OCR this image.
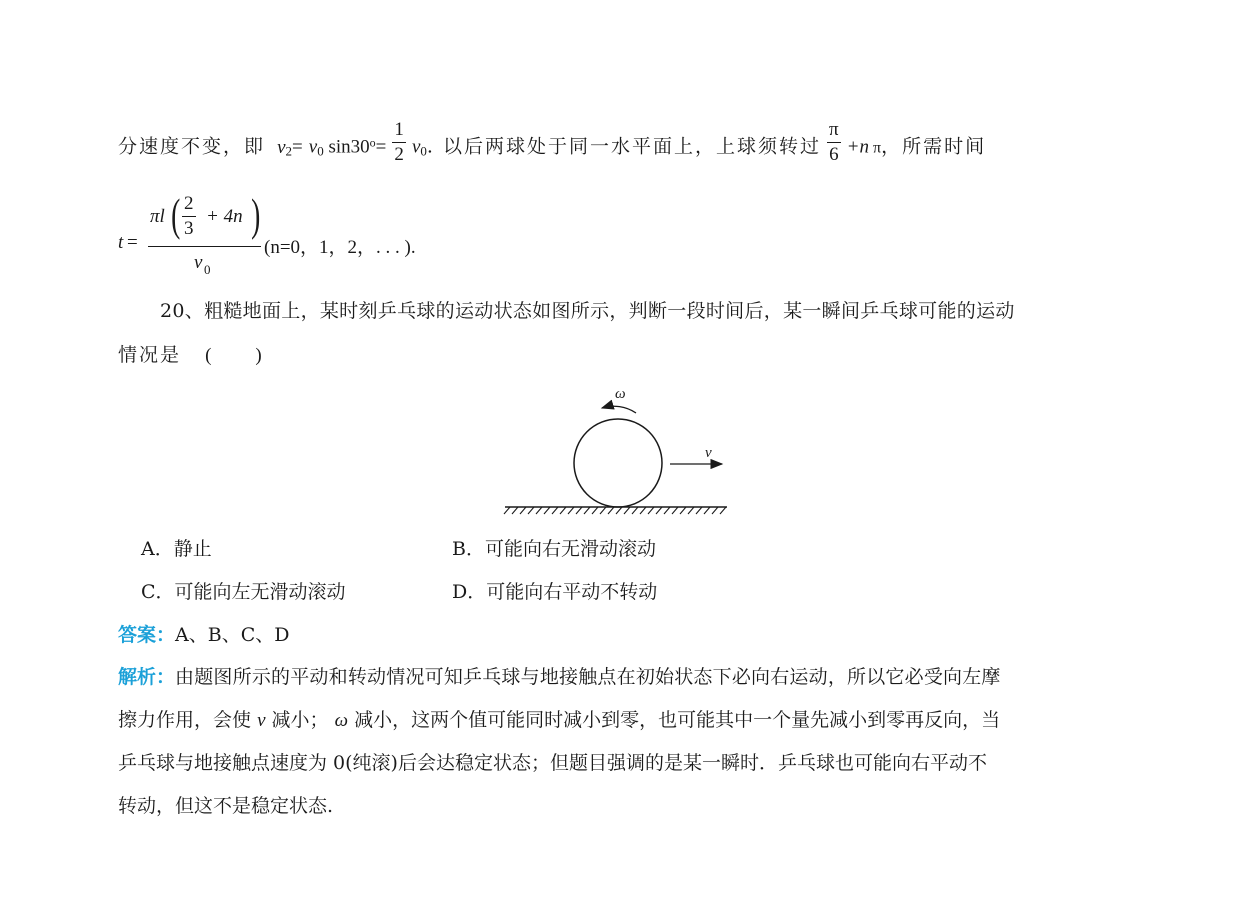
分速度不变，即 $v_2= v_0$ $\sin 30^o= \frac{1}{2} v_0$. 以后两球处于同一水平面上，上球须转过 $\frac{\pi}{6} +n$ π，所需时间
t =
πl ( $\frac{2}{3} + 4n$ )
v 0
(n=0，1，2，. . . ).
20、粗糙地面上，某时刻乒乓球的运动状态如图所示，判断一段时间后，某一瞬间乒乓球可能的运动
情况是 ( )
ω
v
A．静止	B．可能向右无滑动滚动
C．可能向左无滑动滚动	D．可能向右平动不转动
答案：A、B、C、D
解析：由题图所示的平动和转动情况可知乒乓球与地接触点在初始状态下必向右运动，所以它必受向左摩
擦力作用，会使 v 减小； ω 减小，这两个值可能同时减小到零，也可能其中一个量先减小到零再反向，当
乒乓球与地接触点速度为 0(纯滚)后会达稳定状态；但题目强调的是某一瞬时．乒乓球也可能向右平动不
转动，但这不是稳定状态.
